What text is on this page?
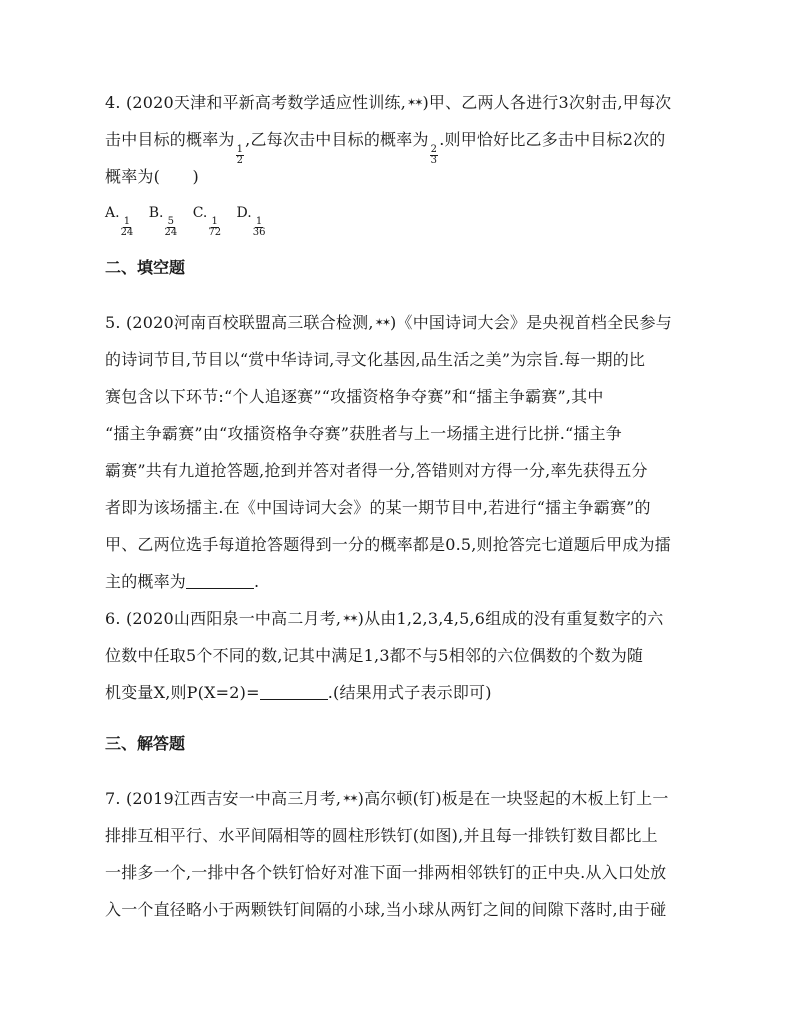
4. (2020天津和平新高考数学适应性训练,✶✶)甲、乙两人各进行3次射击,甲每次
击中目标的概率为
$\frac{1}{2}$
,乙每次击中目标的概率为
$\frac{2}{3}$
.则甲恰好比乙多击中目标2次的
概率为(　　)
A.
$\frac{1}{24}$
B.
$\frac{5}{24}$
C.
$\frac{1}{72}$
D.
$\frac{1}{36}$
二、填空题
5. (2020河南百校联盟高三联合检测,✶✶)《中国诗词大会》是央视首档全民参与
的诗词节目,节目以“赏中华诗词,寻文化基因,品生活之美”为宗旨.每一期的比
赛包含以下环节:“个人追逐赛”“攻擂资格争夺赛”和“擂主争霸赛”,其中
“擂主争霸赛”由“攻擂资格争夺赛”获胜者与上一场擂主进行比拼.“擂主争
霸赛”共有九道抢答题,抢到并答对者得一分,答错则对方得一分,率先获得五分
者即为该场擂主.在《中国诗词大会》的某一期节目中,若进行“擂主争霸赛”的
甲、乙两位选手每道抢答题得到一分的概率都是0.5,则抢答完七道题后甲成为擂
主的概率为	.
6. (2020山西阳泉一中高二月考,✶✶)从由1,2,3,4,5,6组成的没有重复数字的六
位数中任取5个不同的数,记其中满足1,3都不与5相邻的六位偶数的个数为随
机变量X,则P(X=2)=	.(结果用式子表示即可)
三、解答题
7. (2019江西吉安一中高三月考,✶✶)高尔顿(钉)板是在一块竖起的木板上钉上一
排排互相平行、水平间隔相等的圆柱形铁钉(如图),并且每一排铁钉数目都比上
一排多一个,一排中各个铁钉恰好对准下面一排两相邻铁钉的正中央.从入口处放
入一个直径略小于两颗铁钉间隔的小球,当小球从两钉之间的间隙下落时,由于碰
